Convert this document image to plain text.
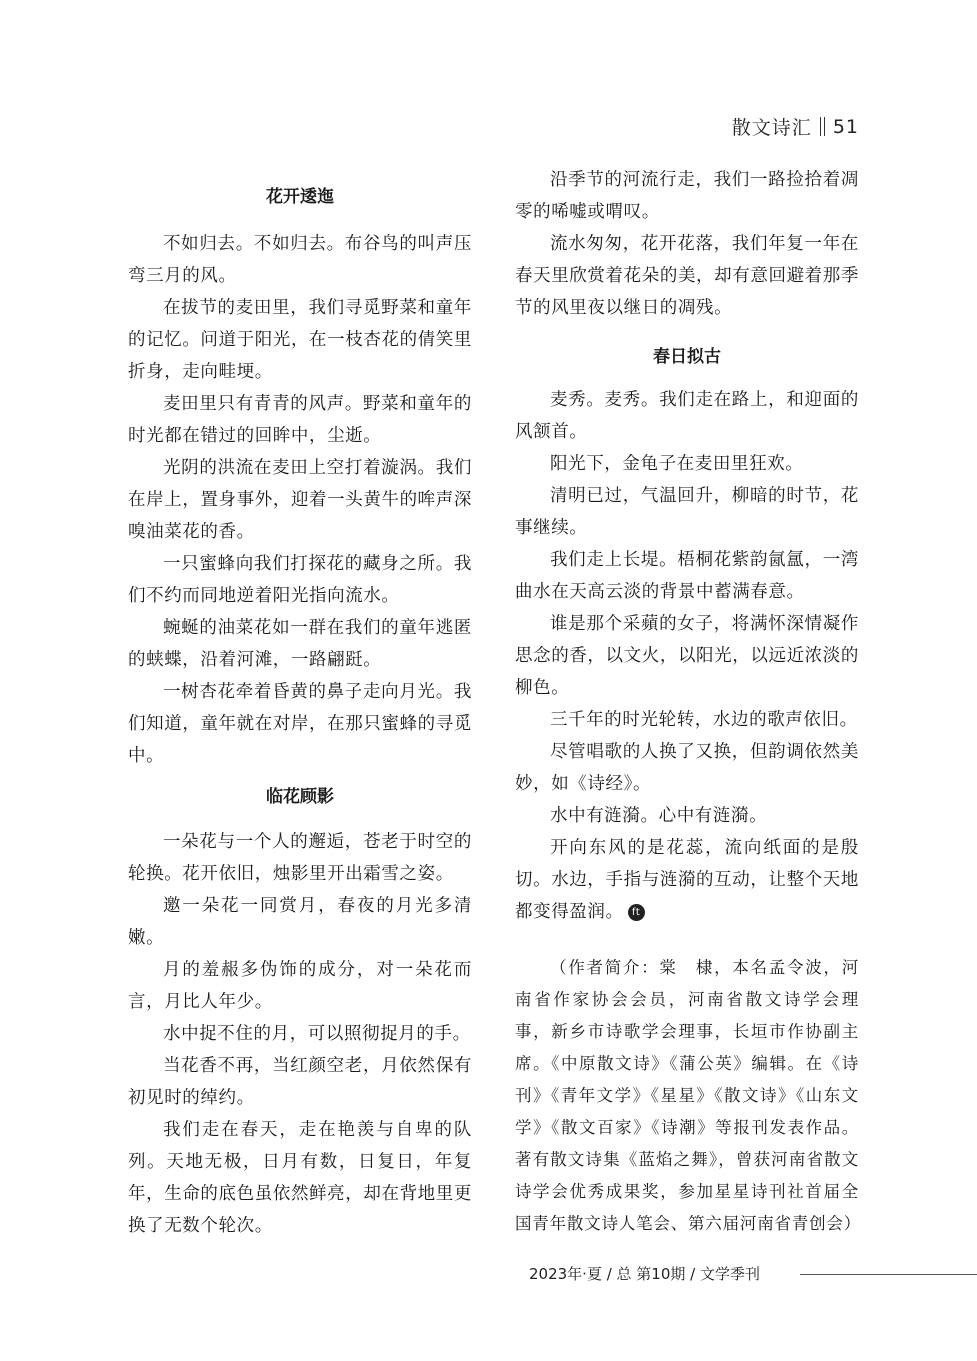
散文诗汇 51
花开逶迤

不如归去。不如归去。布谷鸟的叫声压弯三月的风。

在拔节的麦田里，我们寻觅野菜和童年的记忆。问道于阳光，在一枝杏花的倩笑里折身，走向畦埂。

麦田里只有青青的风声。野菜和童年的时光都在错过的回眸中，尘逝。

光阴的洪流在麦田上空打着漩涡。我们在岸上，置身事外，迎着一头黄牛的哞声深嗅油菜花的香。

一只蜜蜂向我们打探花的藏身之所。我们不约而同地逆着阳光指向流水。

蜿蜒的油菜花如一群在我们的童年逃匿的蛱蝶，沿着河滩，一路翩跹。

一树杏花牵着昏黄的鼻子走向月光。我们知道，童年就在对岸，在那只蜜蜂的寻觅中。

临花顾影

一朵花与一个人的邂逅，苍老于时空的轮换。花开依旧，烛影里开出霜雪之姿。

邀一朵花一同赏月，春夜的月光多清嫩。

月的羞赧多伪饰的成分，对一朵花而言，月比人年少。

水中捉不住的月，可以照彻捉月的手。

当花香不再，当红颜空老，月依然保有初见时的绰约。

我们走在春天，走在艳羡与自卑的队列。天地无极，日月有数，日复日，年复年，生命的底色虽依然鲜亮，却在背地里更换了无数个轮次。

沿季节的河流行走，我们一路捡拾着凋零的唏嘘或喟叹。

流水匆匆，花开花落，我们年复一年在春天里欣赏着花朵的美，却有意回避着那季节的风里夜以继日的凋残。

春日拟古

麦秀。麦秀。我们走在路上，和迎面的风颔首。

阳光下，金龟子在麦田里狂欢。

清明已过，气温回升，柳暗的时节，花事继续。

我们走上长堤。梧桐花紫韵氤氲，一湾曲水在天高云淡的背景中蓄满春意。

谁是那个采蘋的女子，将满怀深情凝作思念的香，以文火，以阳光，以远近浓淡的柳色。

三千年的时光轮转，水边的歌声依旧。

尽管唱歌的人换了又换，但韵调依然美妙，如《诗经》。

水中有涟漪。心中有涟漪。

开向东风的是花蕊，流向纸面的是殷切。水边，手指与涟漪的互动，让整个天地都变得盈润。 ft

（作者简介：棠　棣，本名孟令波，河南省作家协会会员，河南省散文诗学会理事，新乡市诗歌学会理事，长垣市作协副主席。《中原散文诗》《蒲公英》编辑。在《诗刊》《青年文学》《星星》《散文诗》《山东文学》《散文百家》《诗潮》等报刊发表作品。著有散文诗集《蓝焰之舞》，曾获河南省散文诗学会优秀成果奖，参加星星诗刊社首届全国青年散文诗人笔会、第六届河南省青创会）

2023年·夏 / 总 第10期 / 文学季刊
